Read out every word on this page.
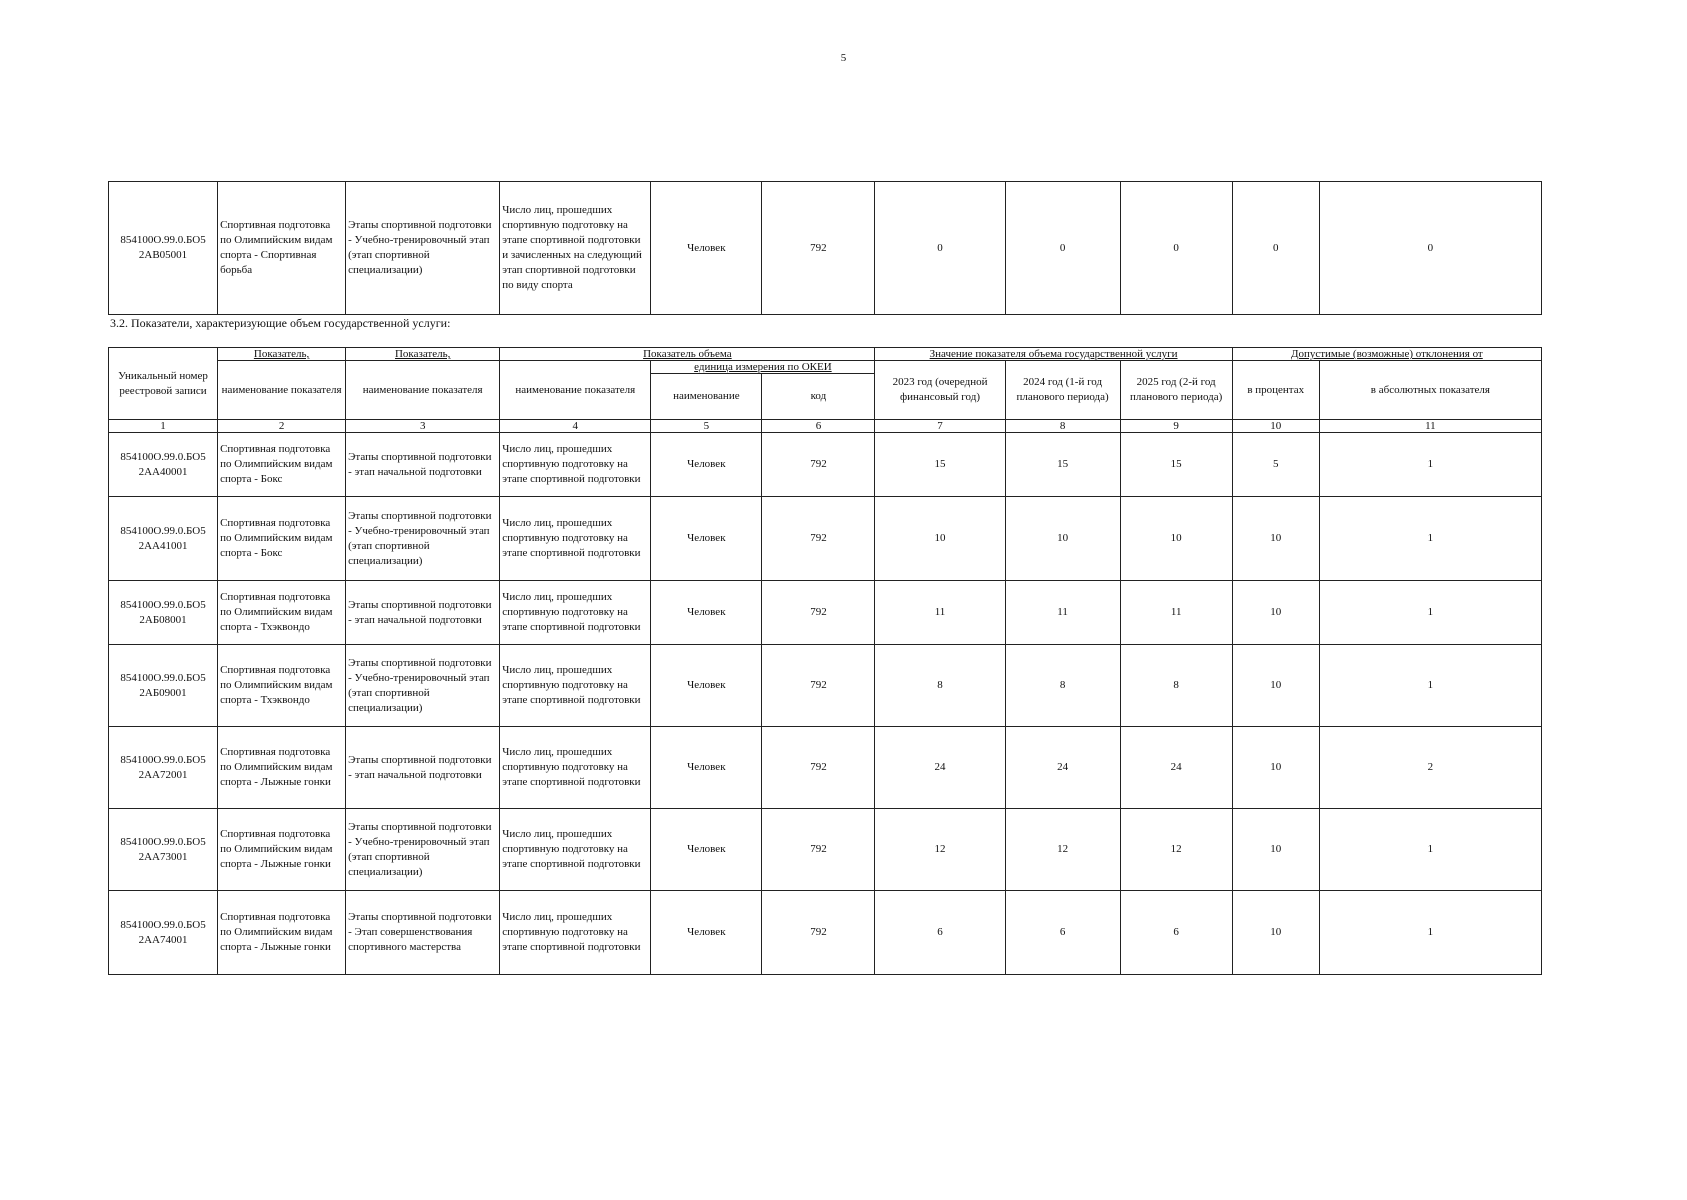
5
854100О.99.0.БО5 2АВ05001	Спортивная подготовка по Олимпийским видам спорта - Спортивная борьба	Этапы спортивной подготовки - Учебно-тренировочный этап (этап спортивной специализации)	Число лиц, прошедших спортивную подготовку на этапе спортивной подготовки и зачисленных на следующий этап спортивной подготовки по виду спорта	Человек	792	0	0	0	0	0
3.2. Показатели, характеризующие объем государственной услуги:
Уникальный номер реестровой записи	Показатель,	Показатель,	Показатель объема			Значение показателя объема государственной услуги			Допустимые (возможные) отклонения от	
	наименование показателя	наименование показателя	наименование показателя	единица измерения по ОКЕИ		2023 год (очередной финансовый год)	2024 год (1-й год планового периода)	2025 год (2-й год планового периода)	в процентах	в абсолютных показателя
				наименование	код					
1	2	3	4	5	6	7	8	9	10	11
854100О.99.0.БО5 2АА40001	Спортивная подготовка по Олимпийским видам спорта - Бокс	Этапы спортивной подготовки - этап начальной подготовки	Число лиц, прошедших спортивную подготовку на этапе спортивной подготовки	Человек	792	15	15	15	5	1
854100О.99.0.БО5 2АА41001	Спортивная подготовка по Олимпийским видам спорта - Бокс	Этапы спортивной подготовки - Учебно-тренировочный этап (этап спортивной специализации)	Число лиц, прошедших спортивную подготовку на этапе спортивной подготовки	Человек	792	10	10	10	10	1
854100О.99.0.БО5 2АБ08001	Спортивная подготовка по Олимпийским видам спорта - Тхэквондо	Этапы спортивной подготовки - этап начальной подготовки	Число лиц, прошедших спортивную подготовку на этапе спортивной подготовки	Человек	792	11	11	11	10	1
854100О.99.0.БО5 2АБ09001	Спортивная подготовка по Олимпийским видам спорта - Тхэквондо	Этапы спортивной подготовки - Учебно-тренировочный этап (этап спортивной специализации)	Число лиц, прошедших спортивную подготовку на этапе спортивной подготовки	Человек	792	8	8	8	10	1
854100О.99.0.БО5 2АА72001	Спортивная подготовка по Олимпийским видам спорта - Лыжные гонки	Этапы спортивной подготовки - этап начальной подготовки	Число лиц, прошедших спортивную подготовку на этапе спортивной подготовки	Человек	792	24	24	24	10	2
854100О.99.0.БО5 2АА73001	Спортивная подготовка по Олимпийским видам спорта - Лыжные гонки	Этапы спортивной подготовки - Учебно-тренировочный этап (этап спортивной специализации)	Число лиц, прошедших спортивную подготовку на этапе спортивной подготовки	Человек	792	12	12	12	10	1
854100О.99.0.БО5 2АА74001	Спортивная подготовка по Олимпийским видам спорта - Лыжные гонки	Этапы спортивной подготовки - Этап совершенствования спортивного мастерства	Число лиц, прошедших спортивную подготовку на этапе спортивной подготовки	Человек	792	6	6	6	10	1
